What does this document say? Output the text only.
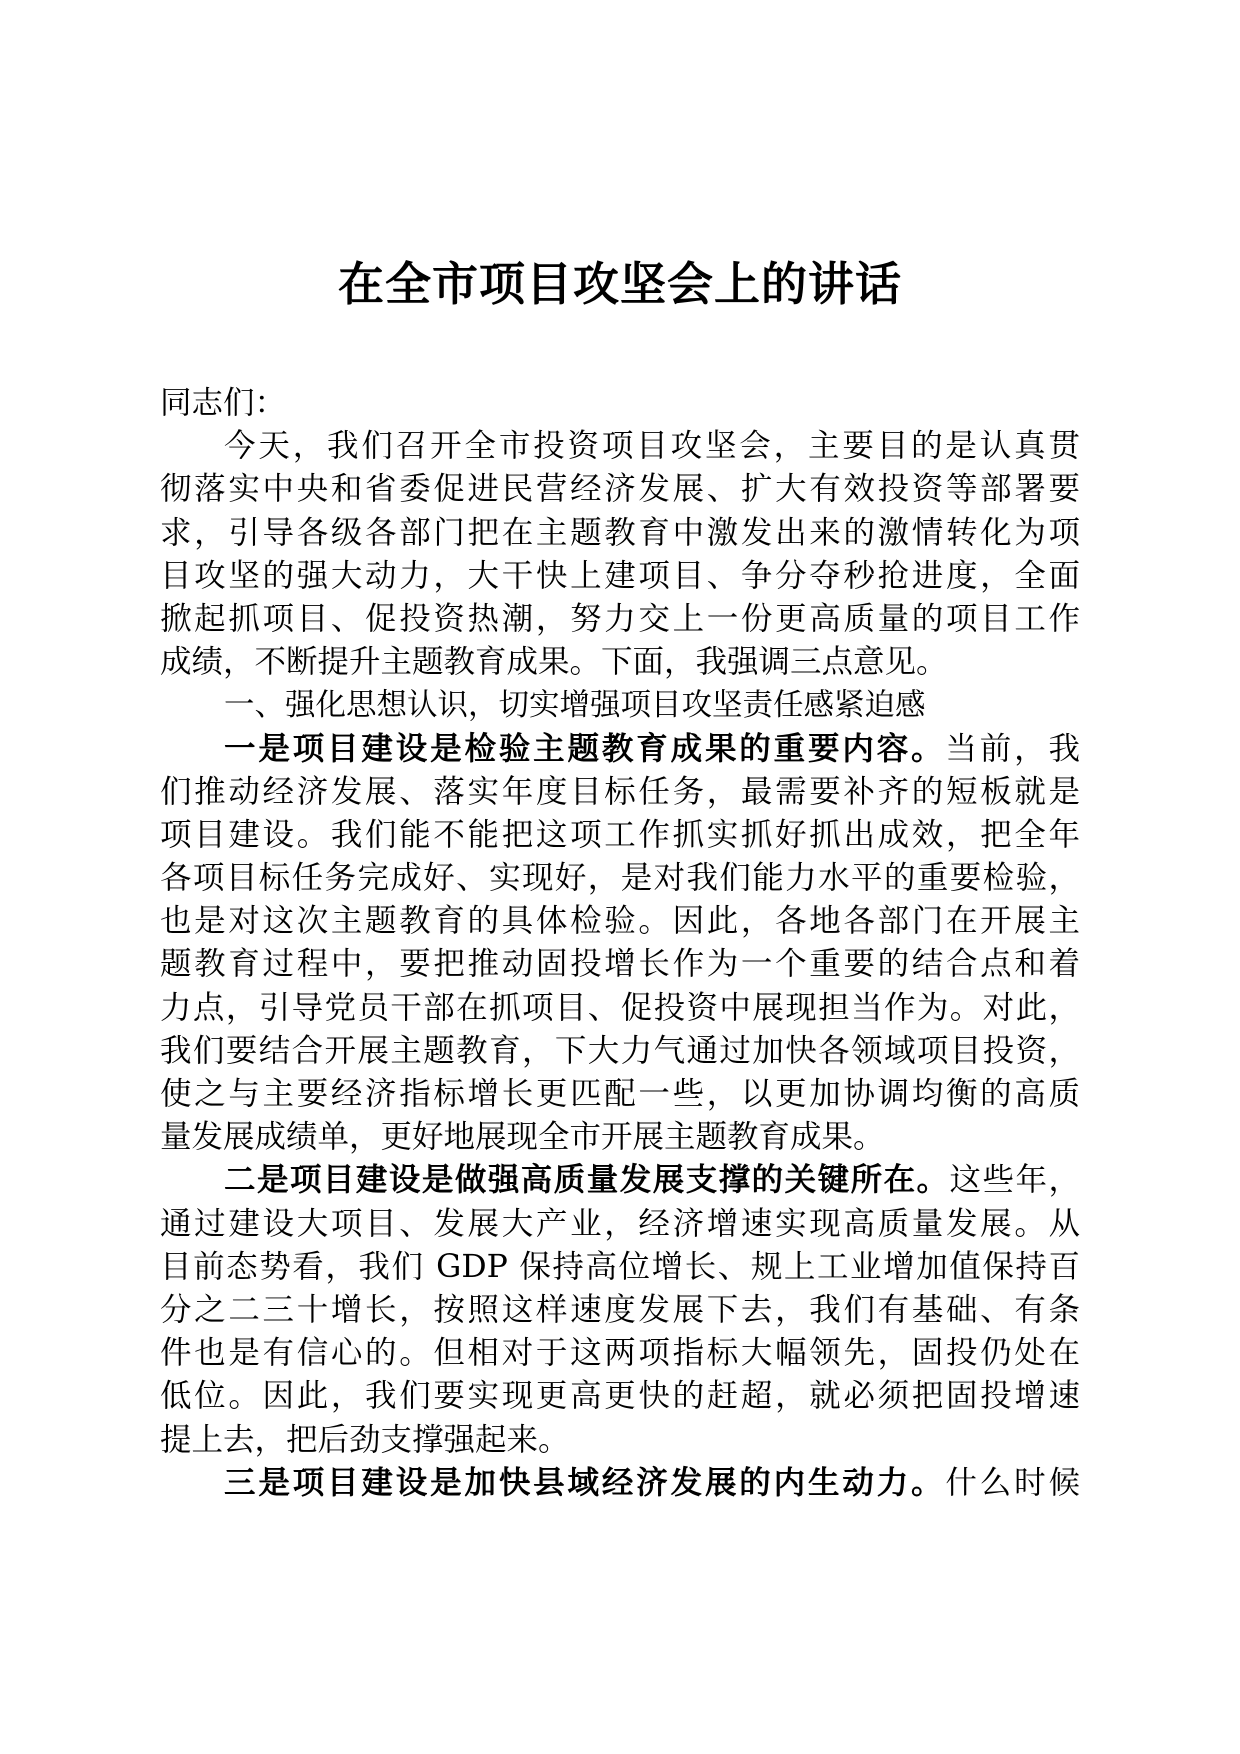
在全市项目攻坚会上的讲话
同志们：
今天，我们召开全市投资项目攻坚会，主要目的是认真贯
彻落实中央和省委促进民营经济发展、扩大有效投资等部署要
求，引导各级各部门把在主题教育中激发出来的激情转化为项
目攻坚的强大动力，大干快上建项目、争分夺秒抢进度，全面
掀起抓项目、促投资热潮，努力交上一份更高质量的项目工作
成绩，不断提升主题教育成果。下面，我强调三点意见。
一、强化思想认识，切实增强项目攻坚责任感紧迫感
一是项目建设是检验主题教育成果的重要内容。当前，我
们推动经济发展、落实年度目标任务，最需要补齐的短板就是
项目建设。我们能不能把这项工作抓实抓好抓出成效，把全年
各项目标任务完成好、实现好，是对我们能力水平的重要检验，
也是对这次主题教育的具体检验。因此，各地各部门在开展主
题教育过程中，要把推动固投增长作为一个重要的结合点和着
力点，引导党员干部在抓项目、促投资中展现担当作为。对此，
我们要结合开展主题教育，下大力气通过加快各领域项目投资，
使之与主要经济指标增长更匹配一些，以更加协调均衡的高质
量发展成绩单，更好地展现全市开展主题教育成果。
二是项目建设是做强高质量发展支撑的关键所在。这些年，
通过建设大项目、发展大产业，经济增速实现高质量发展。从
目前态势看，我们 GDP 保持高位增长、规上工业增加值保持百
分之二三十增长，按照这样速度发展下去，我们有基础、有条
件也是有信心的。但相对于这两项指标大幅领先，固投仍处在
低位。因此，我们要实现更高更快的赶超，就必须把固投增速
提上去，把后劲支撑强起来。
三是项目建设是加快县域经济发展的内生动力。什么时候
